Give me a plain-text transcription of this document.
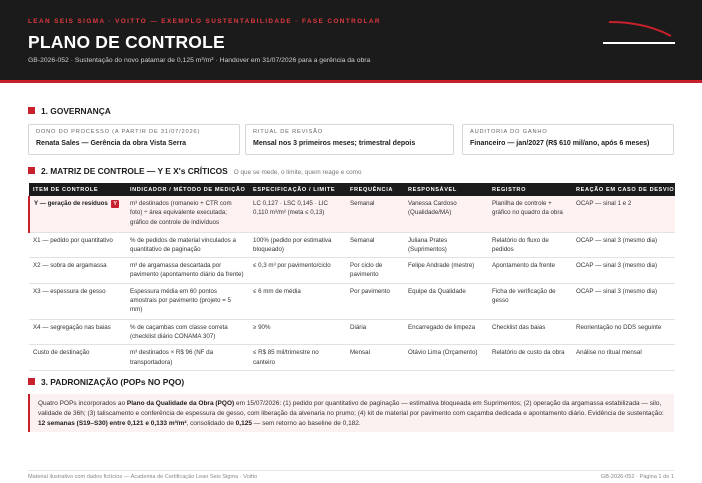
LEAN SEIS SIGMA · VOITTO — EXEMPLO SUSTENTABILIDADE · FASE CONTROLAR
PLANO DE CONTROLE
GB-2026-052 · Sustentação do novo patamar de 0,125 m³/m² · Handover em 31/07/2026 para a gerência da obra
1. GOVERNANÇA
DONO DO PROCESSO (A PARTIR DE 31/07/2026)
Renata Sales — Gerência da obra Vista Serra
RITUAL DE REVISÃO
Mensal nos 3 primeiros meses; trimestral depois
AUDITORIA DO GANHO
Financeiro — jan/2027 (R$ 610 mil/ano, após 6 meses)
2. MATRIZ DE CONTROLE — Y E X's CRÍTICOS O que se mede, o limite, quem reage e como
ITEM DE CONTROLE	INDICADOR / MÉTODO DE MEDIÇÃO	ESPECIFICAÇÃO / LIMITE	FREQUÊNCIA	RESPONSÁVEL	REGISTRO	REAÇÃO EM CASO DE DESVIO
Y — geração de resíduos Y	m³ destinados (romaneio + CTR com foto) ÷ área equivalente executada; gráfico de controle de indivíduos	LC 0,127 · LSC 0,145 · LIC 0,110 m³/m² (meta ≤ 0,13)	Semanal	Vanessa Cardoso (Qualidade/MA)	Planilha de controle + gráfico no quadro da obra	OCAP — sinal 1 e 2
X1 — pedido por quantitativo	% de pedidos de material vinculados a quantitativo de paginação	100% (pedido por estimativa bloqueado)	Semanal	Juliana Prates (Suprimentos)	Relatório do fluxo de pedidos	OCAP — sinal 3 (mesmo dia)
X2 — sobra de argamassa	m³ de argamassa descartada por pavimento (apontamento diário da frente)	≤ 0,3 m³ por pavimento/ciclo	Por ciclo de pavimento	Felipe Andrade (mestre)	Apontamento da frente	OCAP — sinal 3 (mesmo dia)
X3 — espessura de gesso	Espessura média em 60 pontos amostrais por pavimento (projeto = 5 mm)	≤ 6 mm de média	Por pavimento	Equipe da Qualidade	Ficha de verificação de gesso	OCAP — sinal 3 (mesmo dia)
X4 — segregação nas baias	% de caçambas com classe correta (checklist diário CONAMA 307)	≥ 90%	Diária	Encarregado de limpeza	Checklist das baias	Reorientação no DDS seguinte
Custo de destinação	m³ destinados × R$ 96 (NF da transportadora)	≤ R$ 85 mil/trimestre no canteiro	Mensal	Otávio Lima (Orçamento)	Relatório de custo da obra	Análise no ritual mensal
3. PADRONIZAÇÃO (POPs NO PQO)
Quatro POPs incorporados ao Plano da Qualidade da Obra (PQO) em 15/07/2026: (1) pedido por quantitativo de paginação — estimativa bloqueada em Suprimentos; (2) operação da argamassa estabilizada — silo, validade de 36h; (3) taliscamento e conferência de espessura de gesso, com liberação da alvenaria no prumo; (4) kit de material por pavimento com caçamba dedicada e apontamento diário. Evidência de sustentação: 12 semanas (S19–S30) entre 0,121 e 0,133 m³/m², consolidado de 0,125 — sem retorno ao baseline de 0,182.
Material ilustrativo com dados fictícios — Academia de Certificação Lean Seis Sigma · Voitto	GB-2026-052 · Página 1 de 1
